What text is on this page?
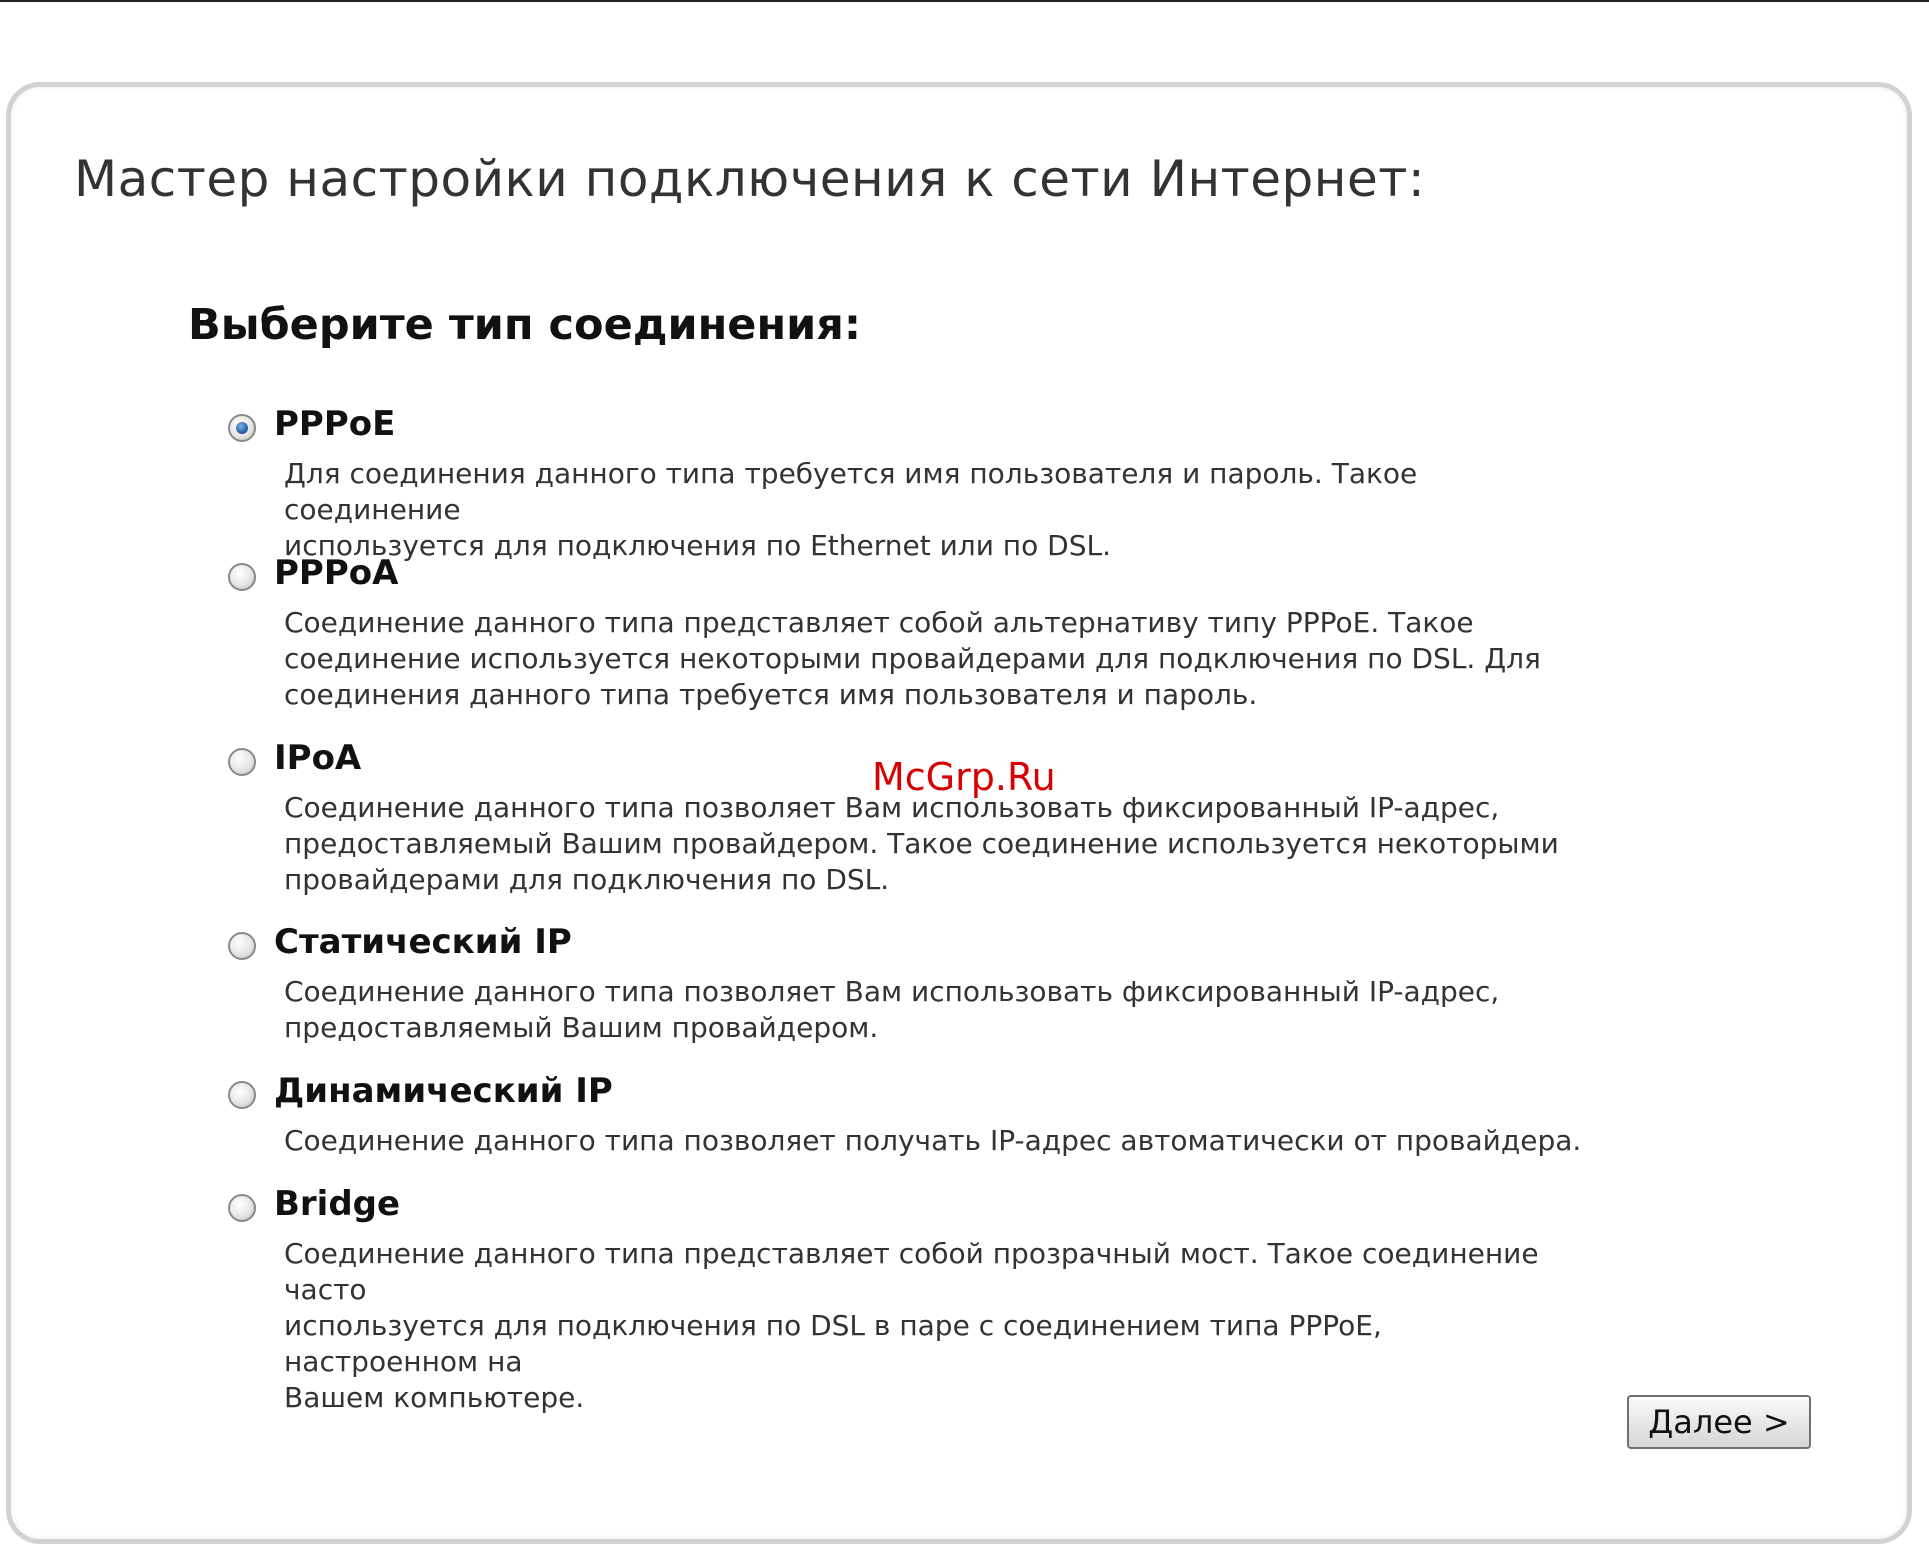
Мастер настройки подключения к сети Интернет:
Выберите тип соединения:
PPPoE
Для соединения данного типа требуется имя пользователя и пароль. Такое соединение
используется для подключения по Ethernet или по DSL.
PPPoA
Соединение данного типа представляет собой альтернативу типу PPPoE. Такое
соединение используется некоторыми провайдерами для подключения по DSL. Для
соединения данного типа требуется имя пользователя и пароль.
IPoA
Соединение данного типа позволяет Вам использовать фиксированный IP-адрес,
предоставляемый Вашим провайдером. Такое соединение используется некоторыми
провайдерами для подключения по DSL.
Статический IP
Соединение данного типа позволяет Вам использовать фиксированный IP-адрес,
предоставляемый Вашим провайдером.
Динамический IP
Соединение данного типа позволяет получать IP-адрес автоматически от провайдера.
Bridge
Соединение данного типа представляет собой прозрачный мост. Такое соединение часто
используется для подключения по DSL в паре с соединением типа PPPoE, настроенном на
Вашем компьютере.
McGrp.Ru
Далее >
